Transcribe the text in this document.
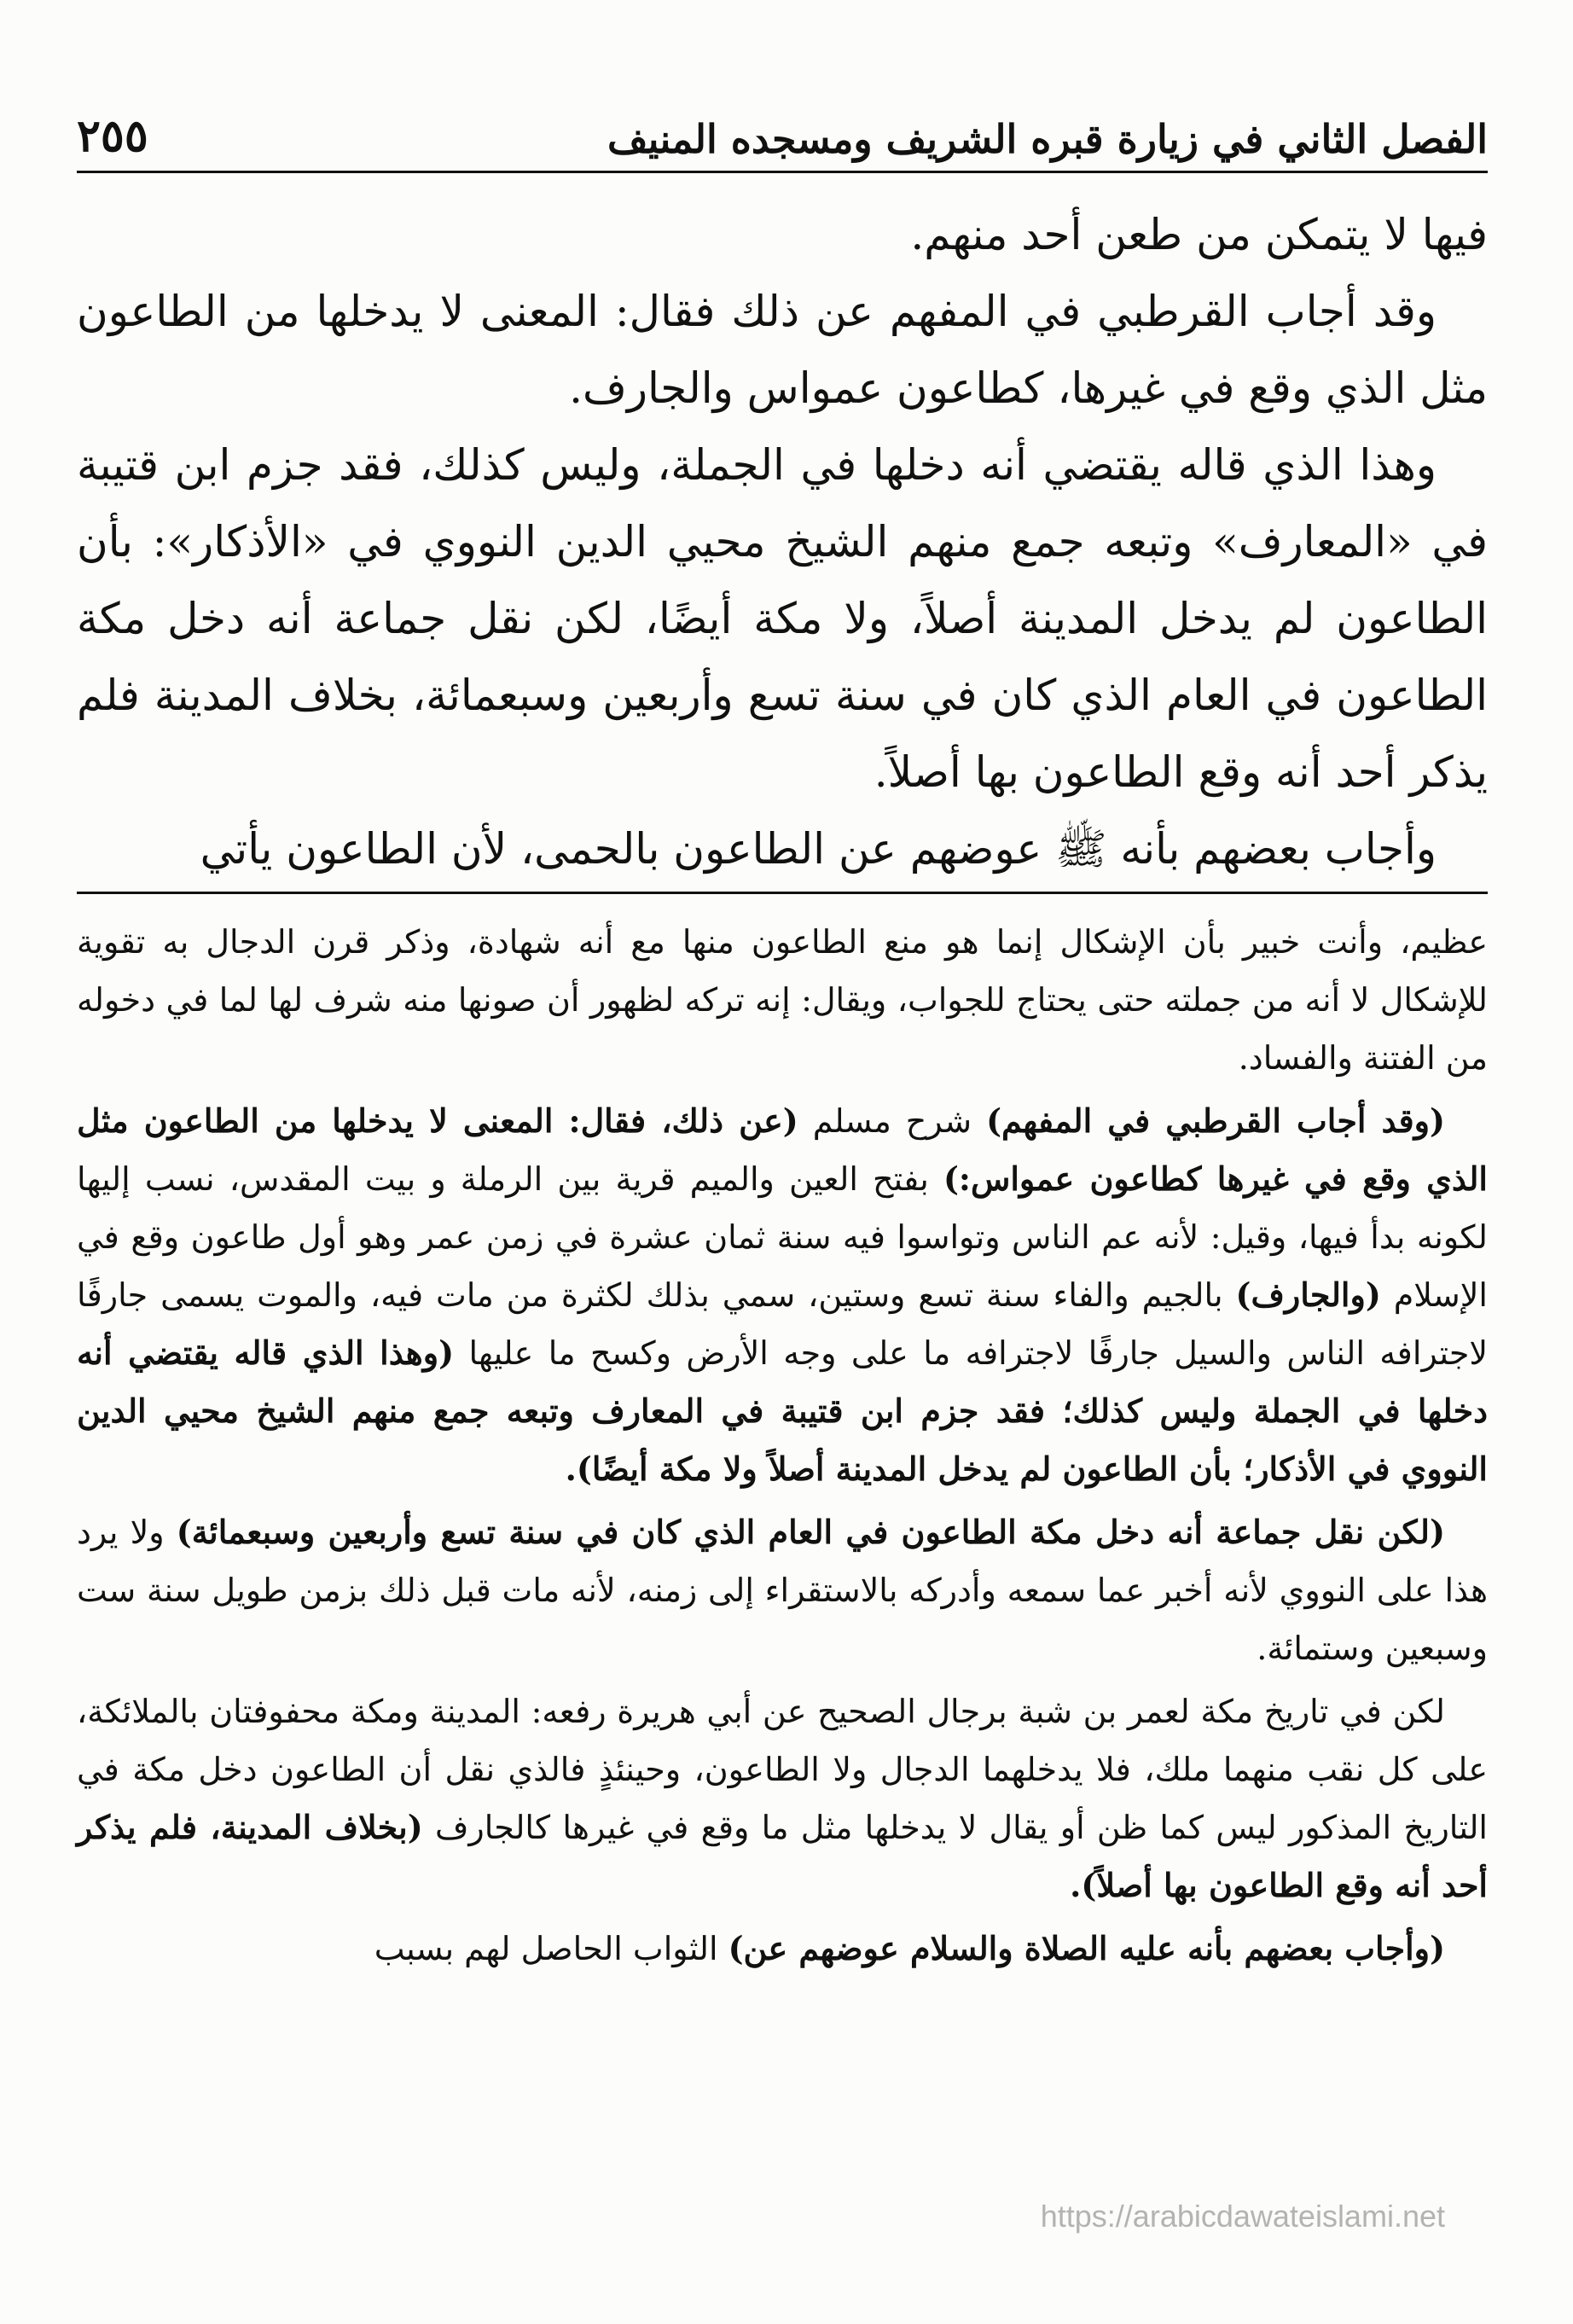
الفصل الثاني في زيارة قبره الشريف ومسجده المنيف
٢٥٥

فيها لا يتمكن من طعن أحد منهم.

وقد أجاب القرطبي في المفهم عن ذلك فقال: المعنى لا يدخلها من الطاعون مثل الذي وقع في غيرها، كطاعون عمواس والجارف.

وهذا الذي قاله يقتضي أنه دخلها في الجملة، وليس كذلك، فقد جزم ابن قتيبة في «المعارف» وتبعه جمع منهم الشيخ محيي الدين النووي في «الأذكار»: بأن الطاعون لم يدخل المدينة أصلاً، ولا مكة أيضًا، لكن نقل جماعة أنه دخل مكة الطاعون في العام الذي كان في سنة تسع وأربعين وسبعمائة، بخلاف المدينة فلم يذكر أحد أنه وقع الطاعون بها أصلاً.

وأجاب بعضهم بأنه ﷺ عوضهم عن الطاعون بالحمى، لأن الطاعون يأتي

عظيم، وأنت خبير بأن الإشكال إنما هو منع الطاعون منها مع أنه شهادة، وذكر قرن الدجال به تقوية للإشكال لا أنه من جملته حتى يحتاج للجواب، ويقال: إنه تركه لظهور أن صونها منه شرف لها لما في دخوله من الفتنة والفساد.

(وقد أجاب القرطبي في المفهم) شرح مسلم (عن ذلك، فقال: المعنى لا يدخلها من الطاعون مثل الذي وقع في غيرها كطاعون عمواس:) بفتح العين والميم قرية بين الرملة و بيت المقدس، نسب إليها لكونه بدأ فيها، وقيل: لأنه عم الناس وتواسوا فيه سنة ثمان عشرة في زمن عمر وهو أول طاعون وقع في الإسلام (والجارف) بالجيم والفاء سنة تسع وستين، سمي بذلك لكثرة من مات فيه، والموت يسمى جارفًا لاجترافه الناس والسيل جارفًا لاجترافه ما على وجه الأرض وكسح ما عليها (وهذا الذي قاله يقتضي أنه دخلها في الجملة وليس كذلك؛ فقد جزم ابن قتيبة في المعارف وتبعه جمع منهم الشيخ محيي الدين النووي في الأذكار؛ بأن الطاعون لم يدخل المدينة أصلاً ولا مكة أيضًا).

(لكن نقل جماعة أنه دخل مكة الطاعون في العام الذي كان في سنة تسع وأربعين وسبعمائة) ولا يرد هذا على النووي لأنه أخبر عما سمعه وأدركه بالاستقراء إلى زمنه، لأنه مات قبل ذلك بزمن طويل سنة ست وسبعين وستمائة.

لكن في تاريخ مكة لعمر بن شبة برجال الصحيح عن أبي هريرة رفعه: المدينة ومكة محفوفتان بالملائكة، على كل نقب منهما ملك، فلا يدخلهما الدجال ولا الطاعون، وحينئذٍ فالذي نقل أن الطاعون دخل مكة في التاريخ المذكور ليس كما ظن أو يقال لا يدخلها مثل ما وقع في غيرها كالجارف (بخلاف المدينة، فلم يذكر أحد أنه وقع الطاعون بها أصلاً).

(وأجاب بعضهم بأنه عليه الصلاة والسلام عوضهم عن) الثواب الحاصل لهم بسبب

https://arabicdawateislami.net
